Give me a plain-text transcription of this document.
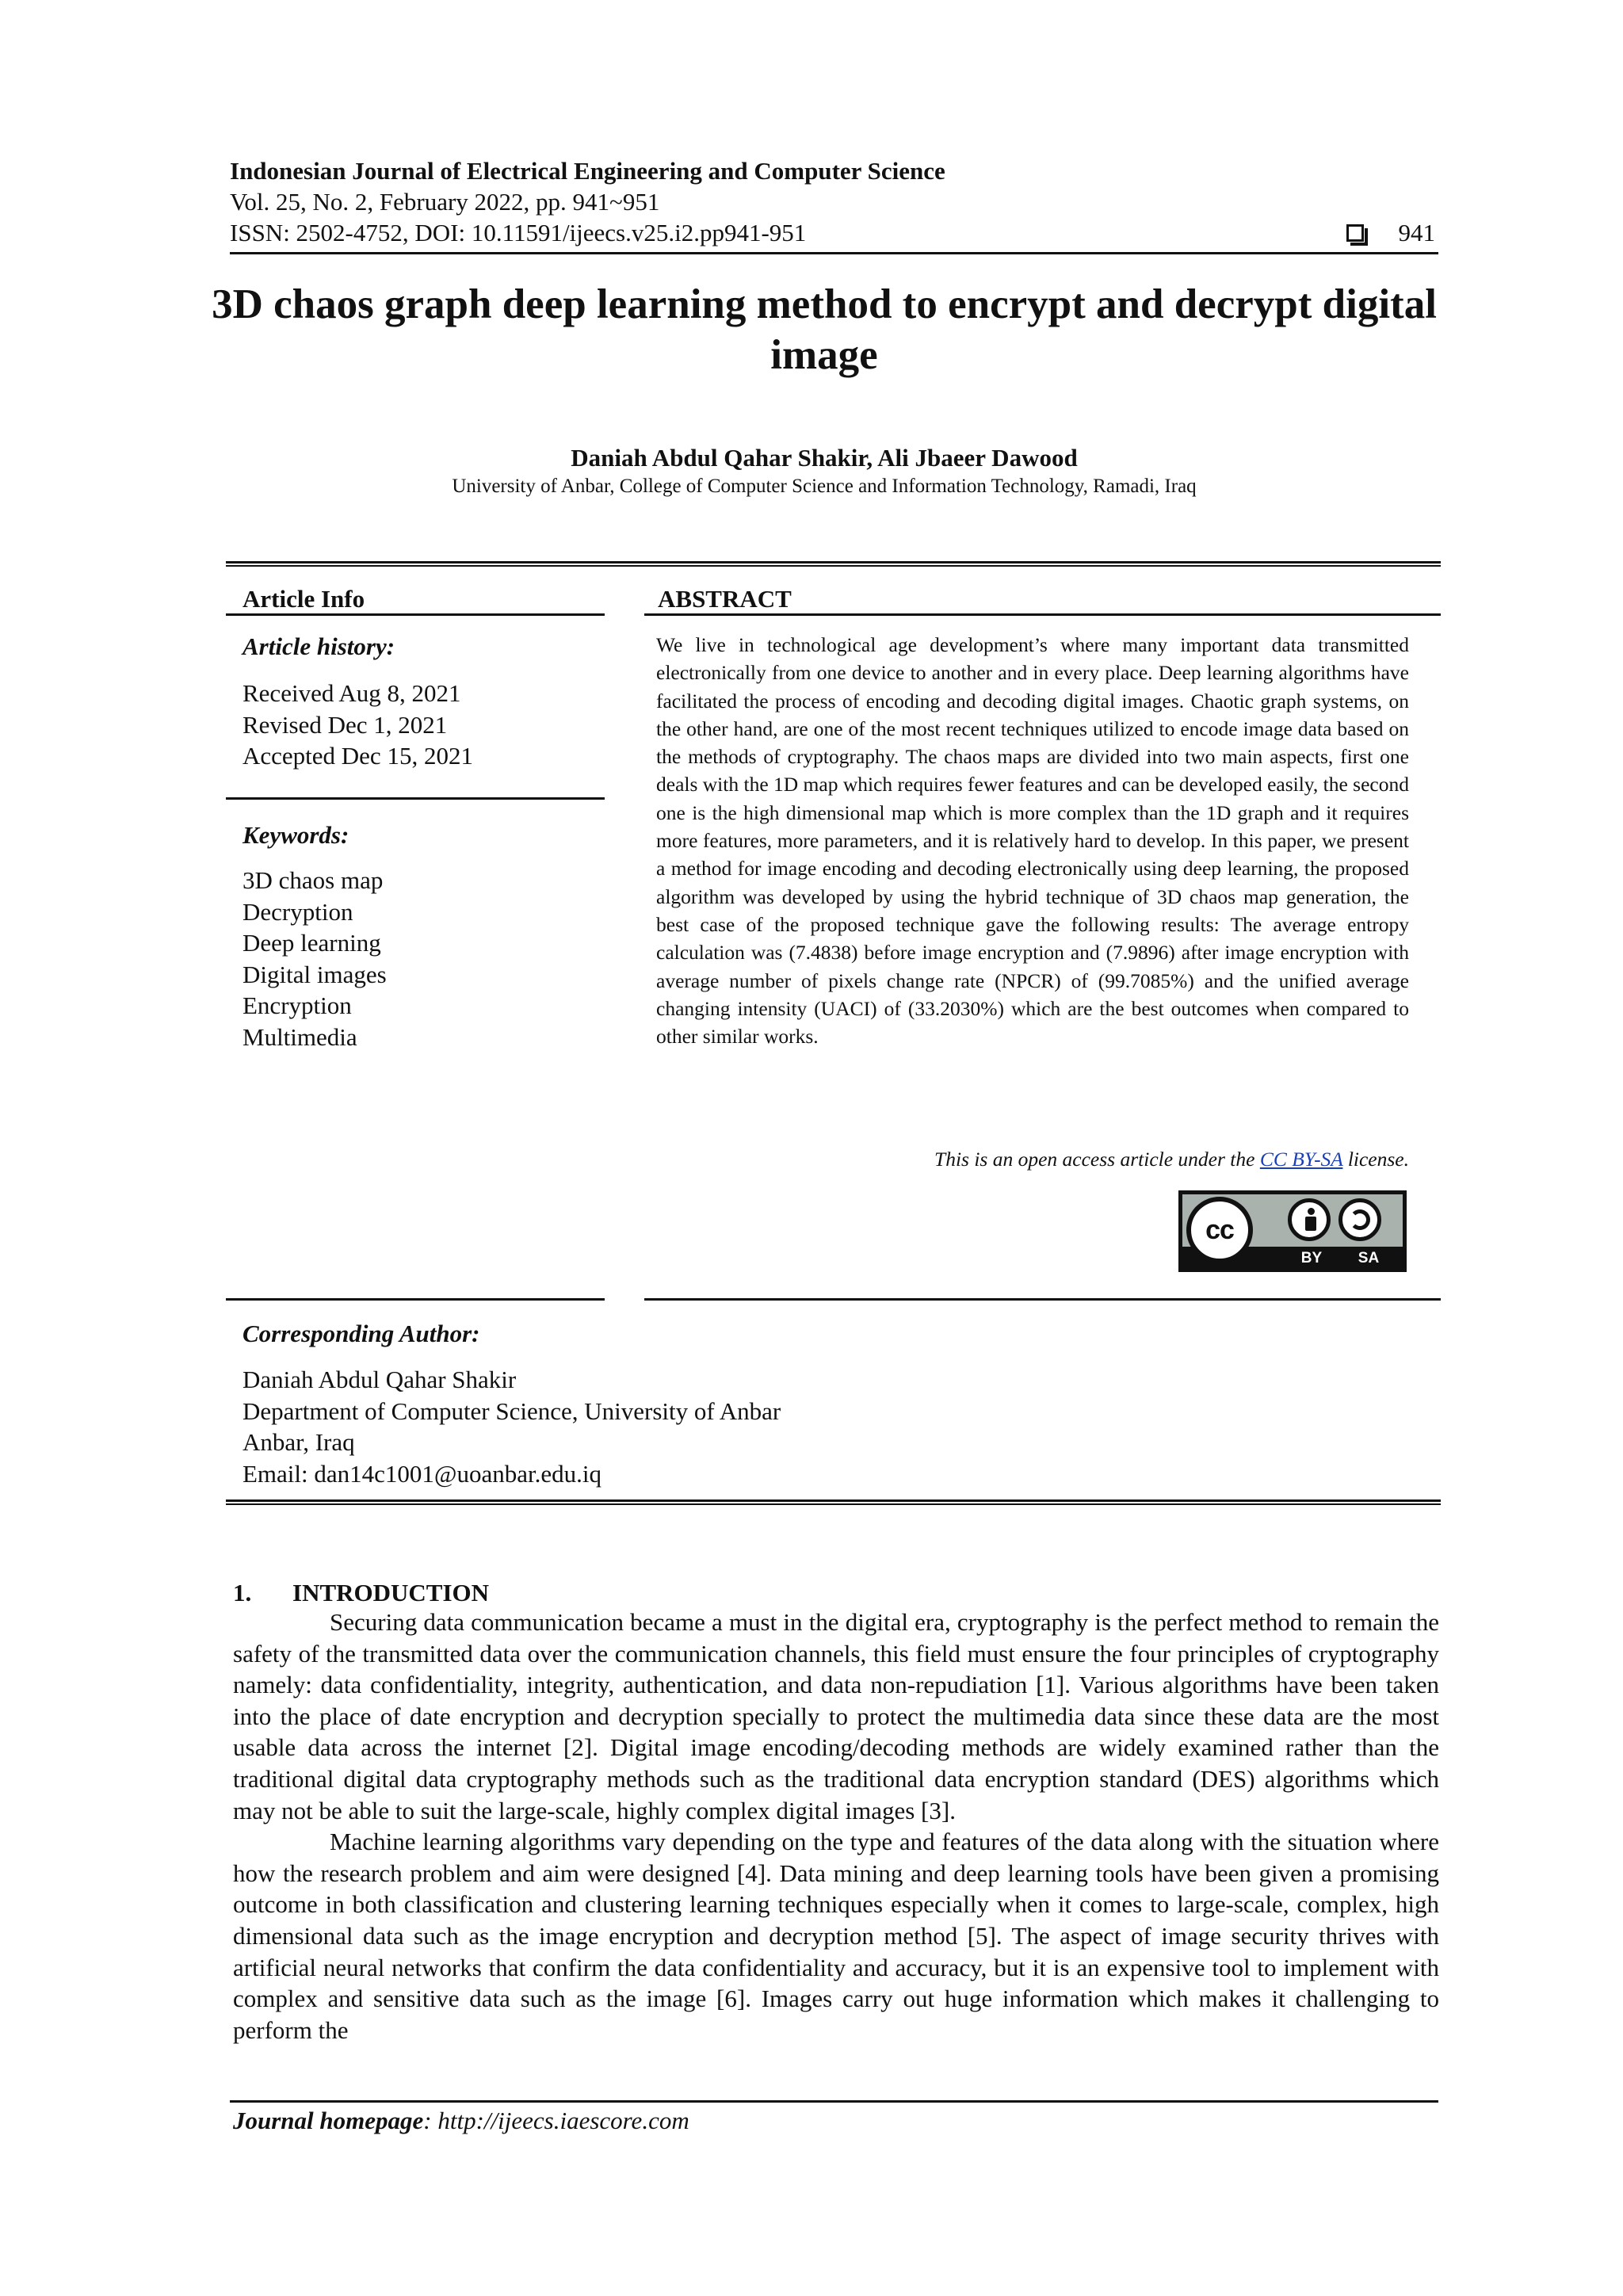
Indonesian Journal of Electrical Engineering and Computer Science
Vol. 25, No. 2, February 2022, pp. 941~951
ISSN: 2502-4752, DOI: 10.11591/ijeecs.v25.i2.pp941-951	941
3D chaos graph deep learning method to encrypt and decrypt digital image
Daniah Abdul Qahar Shakir, Ali Jbaeer Dawood
University of Anbar, College of Computer Science and Information Technology, Ramadi, Iraq
Article Info	ABSTRACT
Article history:
Received Aug 8, 2021
Revised Dec 1, 2021
Accepted Dec 15, 2021
Keywords:
3D chaos map
Decryption
Deep learning
Digital images
Encryption
Multimedia
We live in technological age development’s where many important data transmitted electronically from one device to another and in every place. Deep learning algorithms have facilitated the process of encoding and decoding digital images. Chaotic graph systems, on the other hand, are one of the most recent techniques utilized to encode image data based on the methods of cryptography. The chaos maps are divided into two main aspects, first one deals with the 1D map which requires fewer features and can be developed easily, the second one is the high dimensional map which is more complex than the 1D graph and it requires more features, more parameters, and it is relatively hard to develop. In this paper, we present a method for image encoding and decoding electronically using deep learning, the proposed algorithm was developed by using the hybrid technique of 3D chaos map generation, the best case of the proposed technique gave the following results: The average entropy calculation was (7.4838) before image encryption and (7.9896) after image encryption with average number of pixels change rate (NPCR) of (99.7085%) and the unified average changing intensity (UACI) of (33.2030%) which are the best outcomes when compared to other similar works.
This is an open access article under the CC BY-SA license.
cc
BY SA
Corresponding Author:
Daniah Abdul Qahar Shakir
Department of Computer Science, University of Anbar
Anbar, Iraq
Email: dan14c1001@uoanbar.edu.iq
1. INTRODUCTION

Securing data communication became a must in the digital era, cryptography is the perfect method to remain the safety of the transmitted data over the communication channels, this field must ensure the four principles of cryptography namely: data confidentiality, integrity, authentication, and data non-repudiation [1]. Various algorithms have been taken into the place of date encryption and decryption specially to protect the multimedia data since these data are the most usable data across the internet [2]. Digital image encoding/decoding methods are widely examined rather than the traditional digital data cryptography methods such as the traditional data encryption standard (DES) algorithms which may not be able to suit the large-scale, highly complex digital images [3].

Machine learning algorithms vary depending on the type and features of the data along with the situation where how the research problem and aim were designed [4]. Data mining and deep learning tools have been given a promising outcome in both classification and clustering learning techniques especially when it comes to large-scale, complex, high dimensional data such as the image encryption and decryption method [5]. The aspect of image security thrives with artificial neural networks that confirm the data confidentiality and accuracy, but it is an expensive tool to implement with complex and sensitive data such as the image [6]. Images carry out huge information which makes it challenging to perform the

Journal homepage: http://ijeecs.iaescore.com
